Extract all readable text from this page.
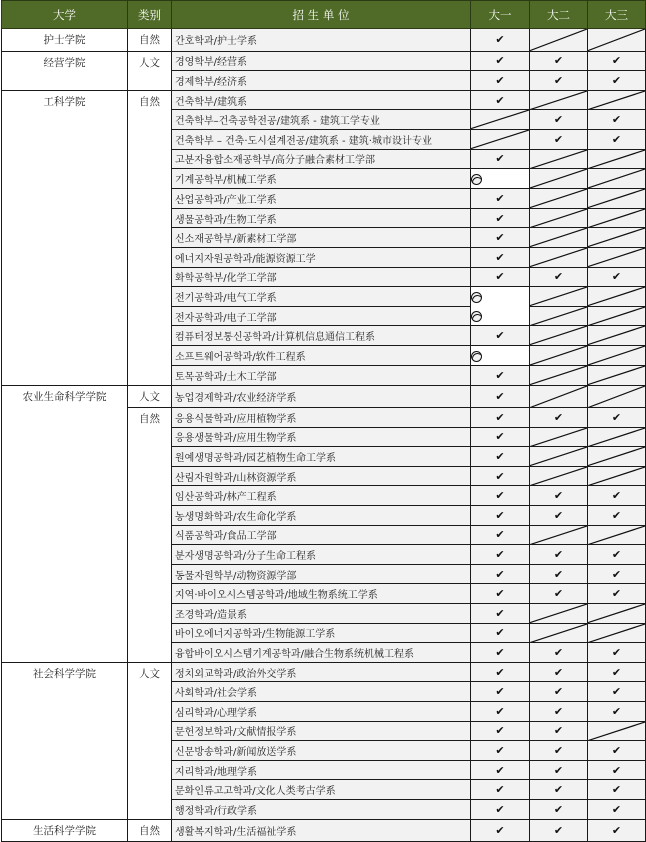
大学	类别	招 生 单 位	大一	大二	大三
护士学院	自然	간호학과/护士学系	✔	

经营学院	人文	경영학부/经营系	✔	✔	✔
		경제학부/经济系	✔	✔	✔
工科学院	自然	건축학부/建筑系	✔	

		건축학부–건축공학전공/建筑系 - 建筑工学专业		✔	✔
		건축학부 – 건축·도시설계전공/建筑系 - 建筑·城市设计专业		✔	✔
		고분자융합소재공학부/高分子融合素材工学部	✔	

		기계공학부/机械工学系	

		산업공학과/产业工学系	✔	

		생물공학과/生物工学系	✔	

		신소재공학부/新素材工学部	✔	

		에너지자원공학과/能源资源工学	✔	

		화학공학부/化学工学部	✔	✔	✔
		전기공학과/电气工学系	

		전자공학과/电子工学部	

		컴퓨터정보통신공학과/计算机信息通信工程系	✔	

		소프트웨어공학과/软件工程系	

		토목공학과/土木工学部	✔	

农业生命科学学院	人文	농업경제학과/农业经济学系	✔	

	自然	응용식물학과/应用植物学系	✔	✔	✔
		응용생물학과/应用生物学系	✔	

		원예생명공학과/园艺植物生命工学系	✔	

		산림자원학과/山林资源学系	✔	

		임산공학과/林产工程系	✔	✔	✔
		농생명화학과/农生命化学系	✔	✔	✔
		식품공학과/食品工学部	✔	

		분자생명공학과/分子生命工程系	✔	✔	✔
		동물자원학부/动物资源学部	✔	✔	✔
		지역·바이오시스템공학과/地域生物系统工学系	✔	✔	✔
		조경학과/造景系	✔	

		바이오에너지공학과/生物能源工学系	✔	

		융합바이오시스템기계공학과/融合生物系统机械工程系	✔	✔	✔
社会科学学院	人文	정치외교학과/政治外交学系	✔	✔	✔
		사회학과/社会学系	✔	✔	✔
		심리학과/心理学系	✔	✔	✔
		문헌정보학과/文献情报学系	✔	✔	

		신문방송학과/新闻放送学系	✔	✔	✔
		지리학과/地理学系	✔	✔	✔
		문화인류고고학과/文化人类考古学系	✔	✔	✔
		행정학과/行政学系	✔	✔	✔
生活科学学院	自然	생활복지학과/生活福祉学系	✔	✔	✔
